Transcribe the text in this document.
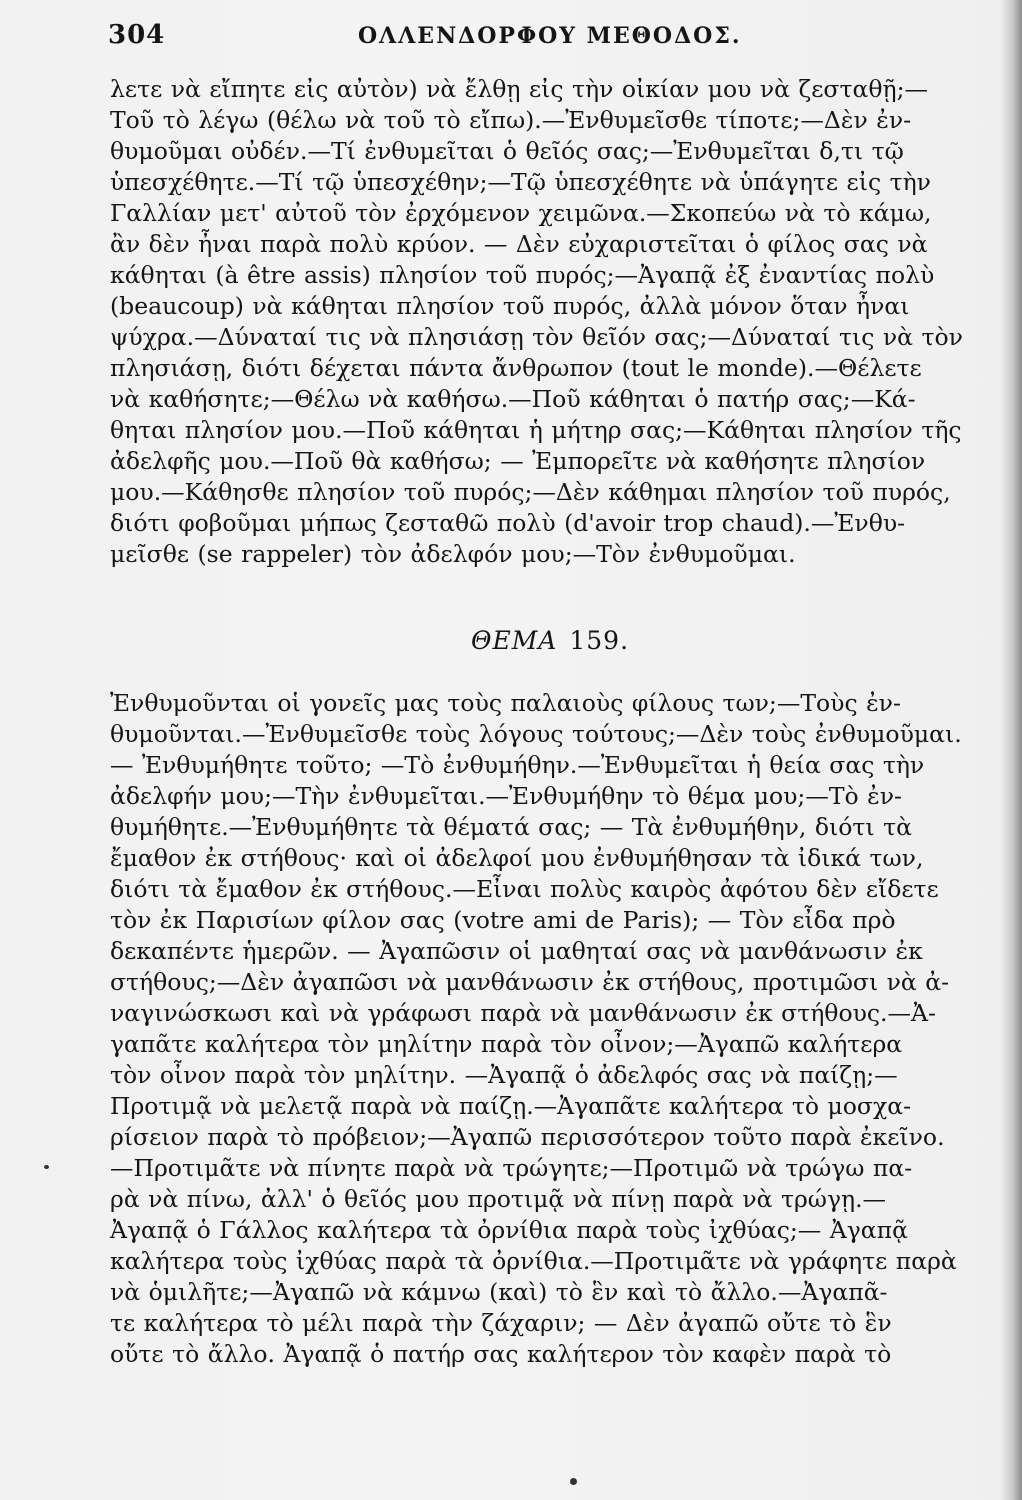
304	ΟΛΛΕΝΔΟΡΦΟΥ ΜΕΘΟΔΟΣ.
λετε νὰ εἴπητε εἰς αὐτὸν) νὰ ἔλθῃ εἰς τὴν οἰκίαν μου νὰ ζεσταθῇ;—
Τοῦ τὸ λέγω (θέλω νὰ τοῦ τὸ εἴπω).—Ἐνθυμεῖσθε τίποτε;—Δὲν ἐν-
θυμοῦμαι οὐδέν.—Τί ἐνθυμεῖται ὁ θεῖός σας;—Ἐνθυμεῖται δ,τι τῷ
ὑπεσχέθητε.—Τί τῷ ὑπεσχέθην;—Τῷ ὑπεσχέθητε νὰ ὑπάγητε εἰς τὴν
Γαλλίαν μετ' αὐτοῦ τὸν ἐρχόμενον χειμῶνα.—Σκοπεύω νὰ τὸ κάμω,
ἂν δὲν ἦναι παρὰ πολὺ κρύον. — Δὲν εὐχαριστεῖται ὁ φίλος σας νὰ
κάθηται (à être assis) πλησίον τοῦ πυρός;—Ἀγαπᾷ ἐξ ἐναντίας πολὺ
(beaucoup) νὰ κάθηται πλησίον τοῦ πυρός, ἀλλὰ μόνον ὅταν ἦναι
ψύχρα.—Δύναταί τις νὰ πλησιάσῃ τὸν θεῖόν σας;—Δύναταί τις νὰ τὸν
πλησιάσῃ, διότι δέχεται πάντα ἄνθρωπον (tout le monde).—Θέλετε
νὰ καθήσητε;—Θέλω νὰ καθήσω.—Ποῦ κάθηται ὁ πατήρ σας;—Κά-
θηται πλησίον μου.—Ποῦ κάθηται ἡ μήτηρ σας;—Κάθηται πλησίον τῆς
ἀδελφῆς μου.—Ποῦ θὰ καθήσω; — Ἐμπορεῖτε νὰ καθήσητε πλησίον
μου.—Κάθησθε πλησίον τοῦ πυρός;—Δὲν κάθημαι πλησίον τοῦ πυρός,
διότι φοβοῦμαι μήπως ζεσταθῶ πολὺ (d'avoir trop chaud).—Ἐνθυ-
μεῖσθε (se rappeler) τὸν ἀδελφόν μου;—Τὸν ἐνθυμοῦμαι.
ΘΕΜΑ 159.
Ἐνθυμοῦνται οἱ γονεῖς μας τοὺς παλαιοὺς φίλους των;—Τοὺς ἐν-
θυμοῦνται.—Ἐνθυμεῖσθε τοὺς λόγους τούτους;—Δὲν τοὺς ἐνθυμοῦμαι.
— Ἐνθυμήθητε τοῦτο; —Τὸ ἐνθυμήθην.—Ἐνθυμεῖται ἡ θεία σας τὴν
ἀδελφήν μου;—Τὴν ἐνθυμεῖται.—Ἐνθυμήθην τὸ θέμα μου;—Τὸ ἐν-
θυμήθητε.—Ἐνθυμήθητε τὰ θέματά σας; — Τὰ ἐνθυμήθην, διότι τὰ
ἔμαθον ἐκ στήθους· καὶ οἱ ἀδελφοί μου ἐνθυμήθησαν τὰ ἰδικά των,
διότι τὰ ἔμαθον ἐκ στήθους.—Εἶναι πολὺς καιρὸς ἀφότου δὲν εἴδετε
τὸν ἐκ Παρισίων φίλον σας (votre ami de Paris); — Τὸν εἶδα πρὸ
δεκαπέντε ἡμερῶν. — Ἀγαπῶσιν οἱ μαθηταί σας νὰ μανθάνωσιν ἐκ
στήθους;—Δὲν ἀγαπῶσι νὰ μανθάνωσιν ἐκ στήθους, προτιμῶσι νὰ ἀ-
ναγινώσκωσι καὶ νὰ γράφωσι παρὰ νὰ μανθάνωσιν ἐκ στήθους.—Ἀ-
γαπᾶτε καλήτερα τὸν μηλίτην παρὰ τὸν οἶνον;—Ἀγαπῶ καλήτερα
τὸν οἶνον παρὰ τὸν μηλίτην. —Ἀγαπᾷ ὁ ἀδελφός σας νὰ παίζῃ;—
Προτιμᾷ νὰ μελετᾷ παρὰ νὰ παίζῃ.—Ἀγαπᾶτε καλήτερα τὸ μοσχα-
ρίσειον παρὰ τὸ πρόβειον;—Ἀγαπῶ περισσότερον τοῦτο παρὰ ἐκεῖνο.
—Προτιμᾶτε νὰ πίνητε παρὰ νὰ τρώγητε;—Προτιμῶ νὰ τρώγω πα-
ρὰ νὰ πίνω, ἀλλ' ὁ θεῖός μου προτιμᾷ νὰ πίνῃ παρὰ νὰ τρώγῃ.—
Ἀγαπᾷ ὁ Γάλλος καλήτερα τὰ ὀρνίθια παρὰ τοὺς ἰχθύας;— Ἀγαπᾷ
καλήτερα τοὺς ἰχθύας παρὰ τὰ ὀρνίθια.—Προτιμᾶτε νὰ γράφητε παρὰ
νὰ ὁμιλῆτε;—Ἀγαπῶ νὰ κάμνω (καὶ) τὸ ἓν καὶ τὸ ἄλλο.—Ἀγαπᾶ-
τε καλήτερα τὸ μέλι παρὰ τὴν ζάχαριν; — Δὲν ἀγαπῶ οὔτε τὸ ἓν
οὔτε τὸ ἄλλο. Ἀγαπᾷ ὁ πατήρ σας καλήτερον τὸν καφὲν παρὰ τὸ
